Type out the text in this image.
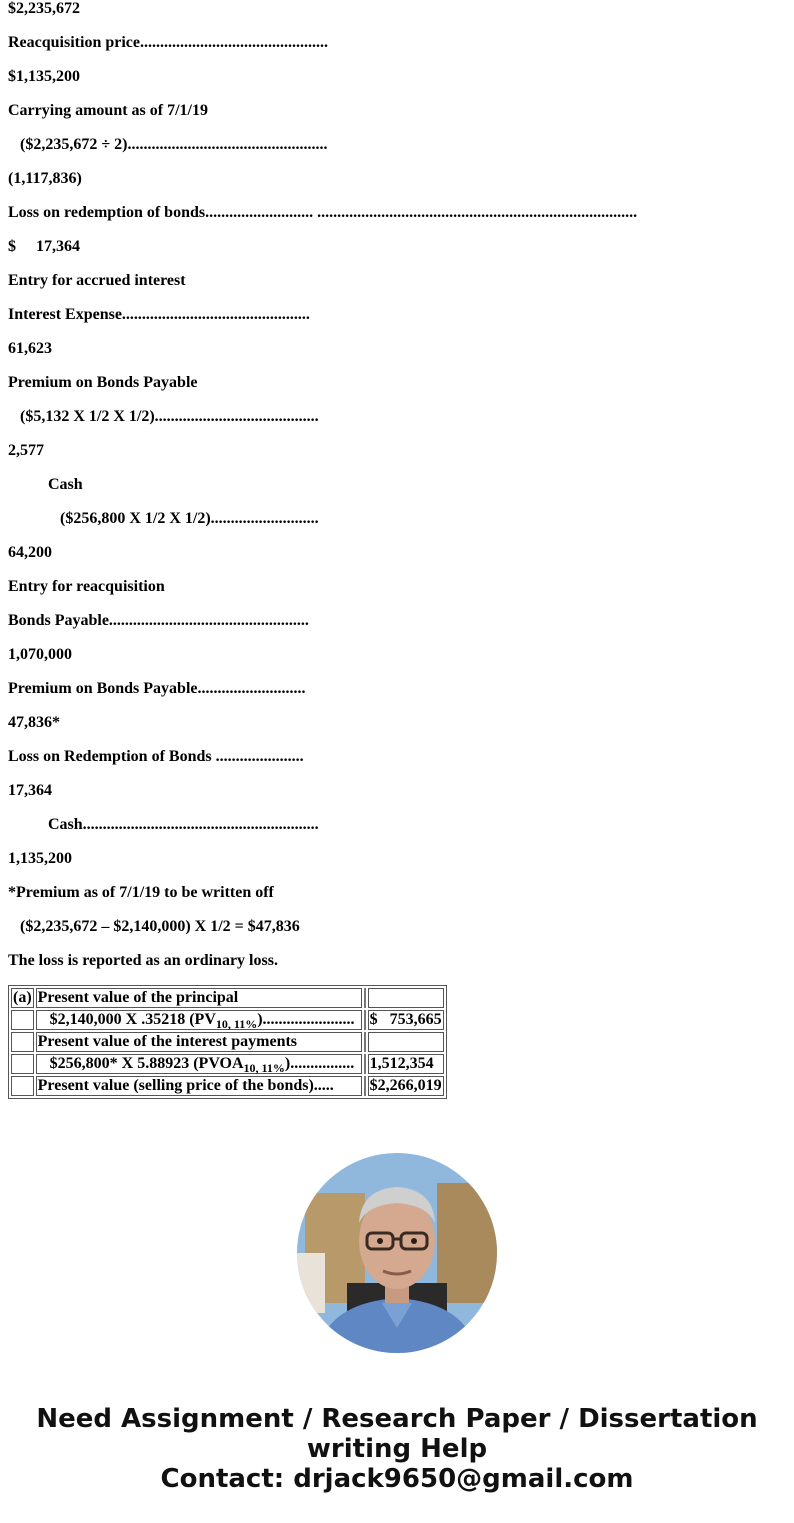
$2,235,672
Reacquisition price...............................................
$1,135,200
Carrying amount as of 7/1/19
($2,235,672 ÷ 2)..................................................
(1,117,836)
Loss on redemption of bonds........................... ................................................................................
$     17,364
Entry for accrued interest
Interest Expense...............................................
61,623
Premium on Bonds Payable
($5,132 X 1/2 X 1/2).........................................
2,577
Cash
($256,800 X 1/2 X 1/2)...........................
64,200
Entry for reacquisition
Bonds Payable..................................................
1,070,000
Premium on Bonds Payable...........................
47,836*
Loss on Redemption of Bonds ......................
17,364
Cash...........................................................
1,135,200
*Premium as of 7/1/19 to be written off
($2,235,672 – $2,140,000) X 1/2 = $47,836
The loss is reported as an ordinary loss.
(a)	Present value of the principal		
	$2,140,000 X .35218 $(PV_{10, 11\%})$.......................		$   753,665
	Present value of the interest payments		
	$256,800* X 5.88923 $(PVOA_{10, 11\%})$................		1,512,354
	Present value (selling price of the bonds).....		$2,266,019
Need Assignment / Research Paper / Dissertation
writing Help
Contact: drjack9650@gmail.com
